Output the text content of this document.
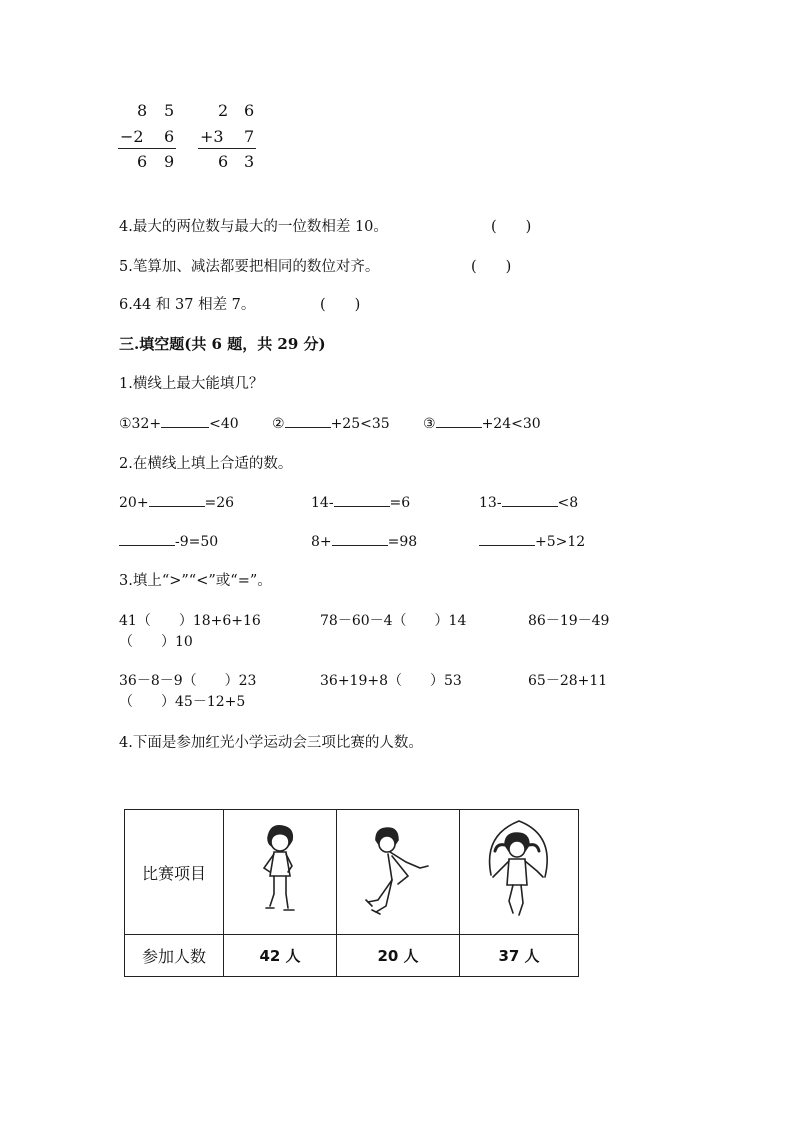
8 5
−2 6
6 9
2 6
+3 7
6 3
4.最大的两位数与最大的一位数相差 10。	(　　)
5.笔算加、减法都要把相同的数位对齐。	(　　)
6.44 和 37 相差 7。	(　　)
三.填空题(共 6 题，共 29 分)
1.横线上最大能填几？
①32+	<40 ②	+25<35 ③	+24<30
2.在横线上填上合适的数。
20+	=26	14-	=6	13-	<8
-9=50	8+	=98	+5>12
3.填上“>”“<”或“=”。
41（　　）18+6+16	78－60－4（　　）14	86－19－49
（　　）10
36－8－9（　　）23	36+19+8（　　）53	65－28+11
（　　）45－12+5
4.下面是参加红光小学运动会三项比赛的人数。
比赛项目			
参加人数	42 人	20 人	37 人
